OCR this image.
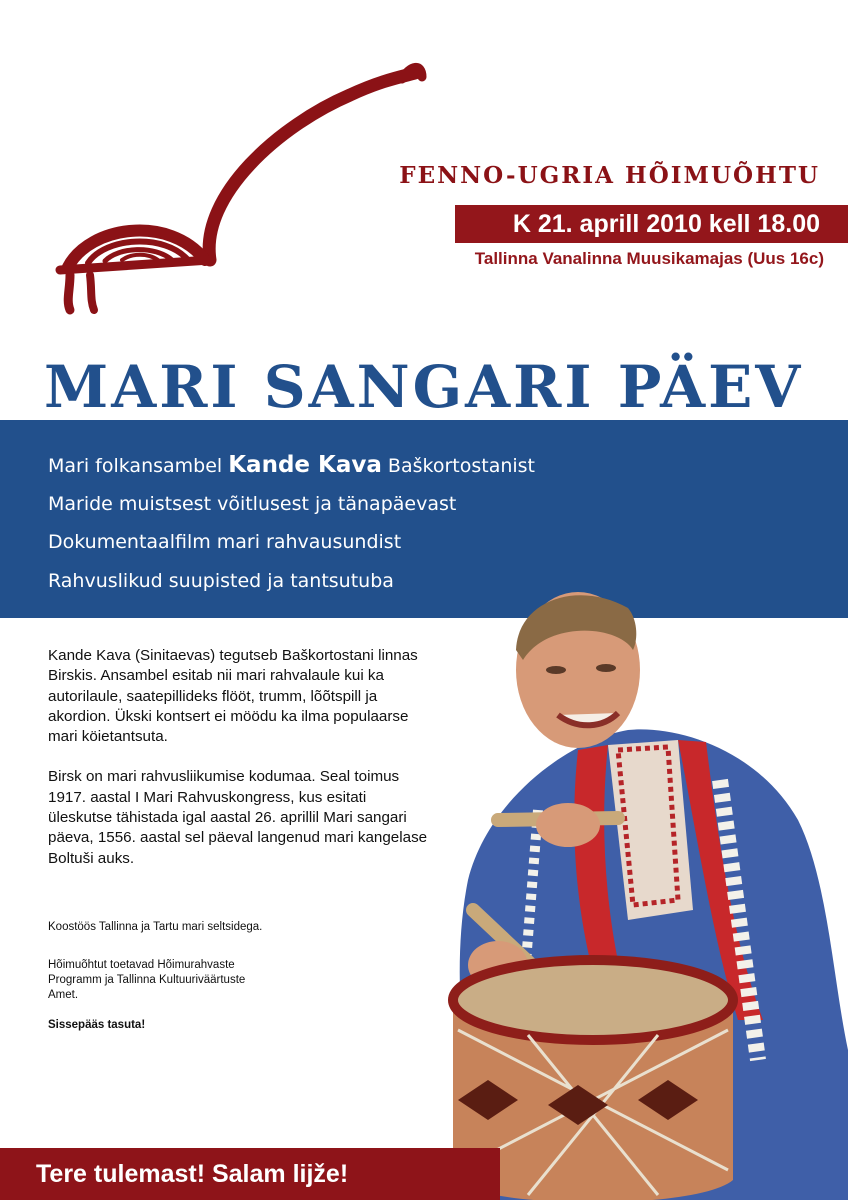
FENNO-UGRIA HÕIMUÕHTU
K 21. aprill 2010 kell 18.00
Tallinna Vanalinna Muusikamajas (Uus 16c)
MARI SANGARI PÄEV
Mari folkansambel Kande Kava Baškortostanist
Maride muistsest võitlusest ja tänapäevast
Dokumentaalfilm mari rahvausundist
Rahvuslikud suupisted ja tantsutuba

Kande Kava (Sinitaevas) tegutseb Baškortostani linnas Birskis. Ansambel esitab nii mari rahvalaule kui ka autorilaule, saatepillideks flööt, trumm, lõõtspill ja akordion. Ükski kontsert ei möödu ka ilma populaarse mari köietantsuta.

Birsk on mari rahvusliikumise kodumaa. Seal toimus 1917. aastal I Mari Rahvuskongress, kus esitati üleskutse tähistada igal aastal 26. aprillil Mari sangari päeva, 1556. aastal sel päeval langenud mari kangelase Boltuši auks.

Koostöös Tallinna ja Tartu mari seltsidega.

Hõimuõhtut toetavad Hõimurahvaste Programm ja Tallinna Kultuuriväärtuste Amet.

Sissepääs tasuta!

Tere tulemast! Salam lijže!
